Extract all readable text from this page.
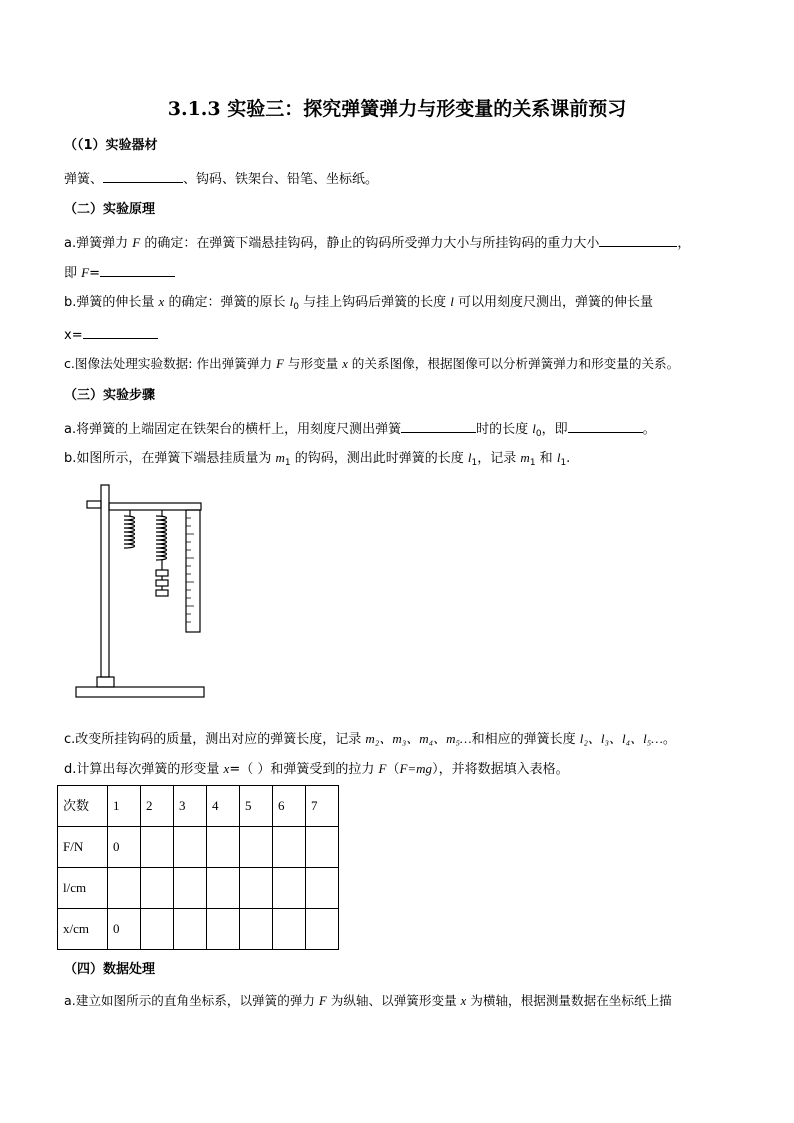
3.1.3 实验三：探究弹簧弹力与形变量的关系课前预习
（（1）实验器材
弹簧、	、钩码、铁架台、铅笔、坐标纸。
（二）实验原理
a.弹簧弹力 F 的确定：在弹簧下端悬挂钩码，静止的钩码所受弹力大小与所挂钩码的重力大小	，
即 F=
b.弹簧的伸长量 x 的确定：弹簧的原长 $l_0$ 与挂上钩码后弹簧的长度 l 可以用刻度尺测出，弹簧的伸长量
x=
c.图像法处理实验数据: 作出弹簧弹力 F 与形变量 x 的关系图像，根据图像可以分析弹簧弹力和形变量的关系。
（三）实验步骤
a.将弹簧的上端固定在铁架台的横杆上，用刻度尺测出弹簧	时的长度 $l_0$，即	。
b.如图所示，在弹簧下端悬挂质量为 $m_1$ 的钩码，测出此时弹簧的长度 $l_1$，记录 $m_1$ 和 $l_1$.
c.改变所挂钩码的质量，测出对应的弹簧长度，记录 m₂、m₃、m₄、m₅…和相应的弹簧长度 l₂、l₃、l₄、l₅…。
d.计算出每次弹簧的形变量 x=（ ）和弹簧受到的拉力 F（F=mg），并将数据填入表格。
次数	1	2	3	4	5	6	7
F/N	0						
l/cm							
x/cm	0						
（四）数据处理
a.建立如图所示的直角坐标系，以弹簧的弹力 F 为纵轴、以弹簧形变量 x 为横轴，根据测量数据在坐标纸上描
